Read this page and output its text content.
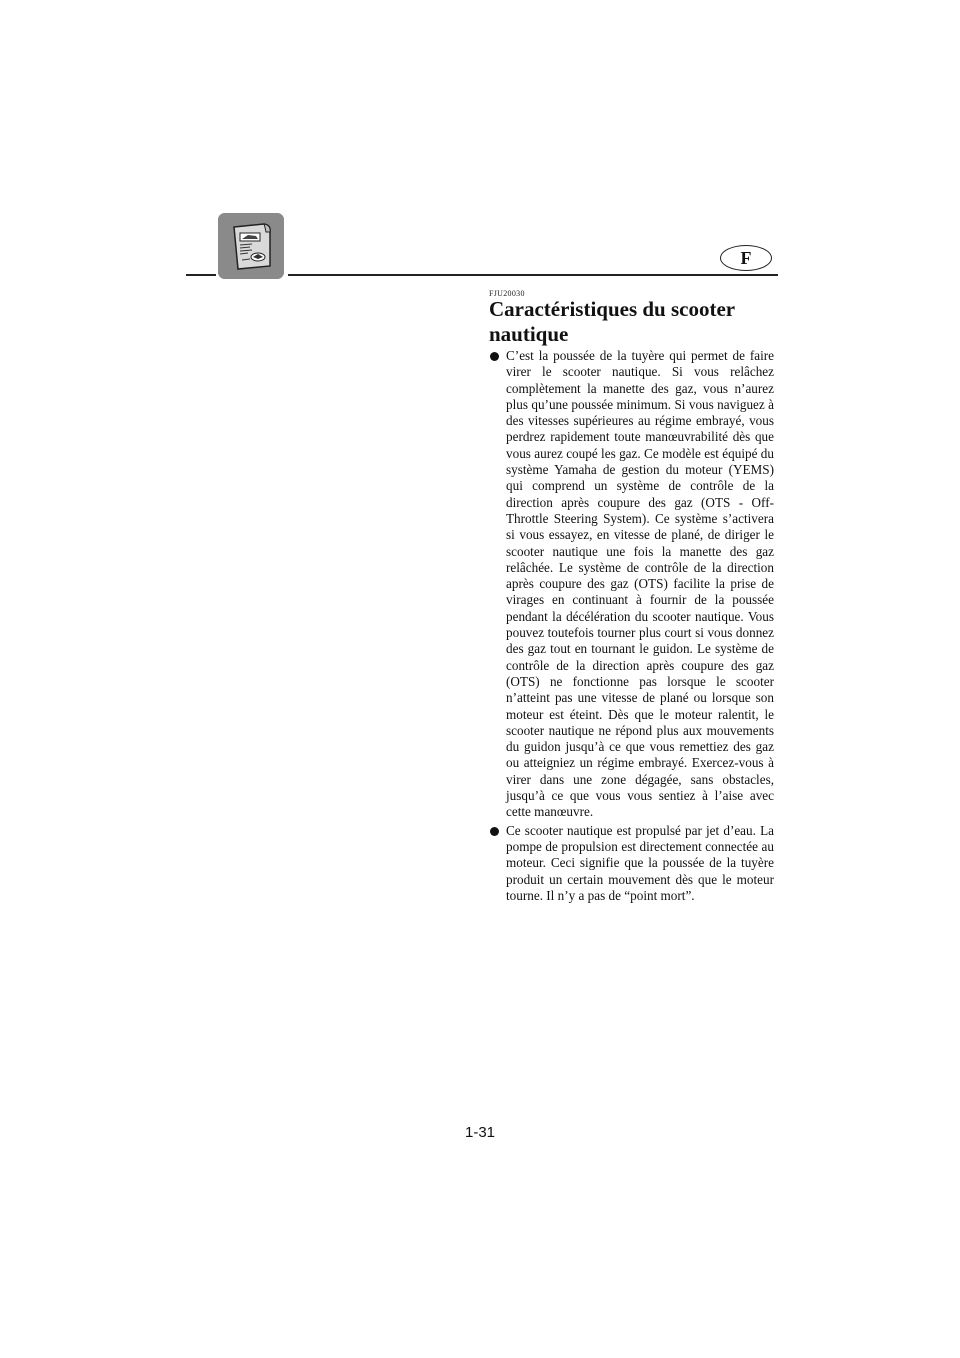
F
FJU20030
Caractéristiques du scooter nautique
C’est la poussée de la tuyère qui permet de faire virer le scooter nautique. Si vous relâchez complètement la manette des gaz, vous n’aurez plus qu’une poussée minimum. Si vous naviguez à des vitesses supérieures au régime embrayé, vous perdrez rapidement toute manœuvrabilité dès que vous aurez coupé les gaz. Ce modèle est équipé du système Yamaha de gestion du moteur (YEMS) qui comprend un système de contrôle de la direction après coupure des gaz (OTS - Off-Throttle Steering System). Ce système s’activera si vous essayez, en vitesse de plané, de diriger le scooter nautique une fois la manette des gaz relâchée. Le système de contrôle de la direction après coupure des gaz (OTS) facilite la prise de virages en continuant à fournir de la poussée pendant la décélération du scooter nautique. Vous pouvez toutefois tourner plus court si vous donnez des gaz tout en tournant le guidon. Le système de contrôle de la direction après coupure des gaz (OTS) ne fonctionne pas lorsque le scooter n’atteint pas une vitesse de plané ou lorsque son moteur est éteint. Dès que le moteur ralentit, le scooter nautique ne répond plus aux mouvements du guidon jusqu’à ce que vous remettiez des gaz ou atteigniez un régime embrayé. Exercez-vous à virer dans une zone dégagée, sans obstacles, jusqu’à ce que vous vous sentiez à l’aise avec cette manœuvre.
Ce scooter nautique est propulsé par jet d’eau. La pompe de propulsion est directement connectée au moteur. Ceci signifie que la poussée de la tuyère produit un certain mouvement dès que le moteur tourne. Il n’y a pas de “point mort”.
1-31
